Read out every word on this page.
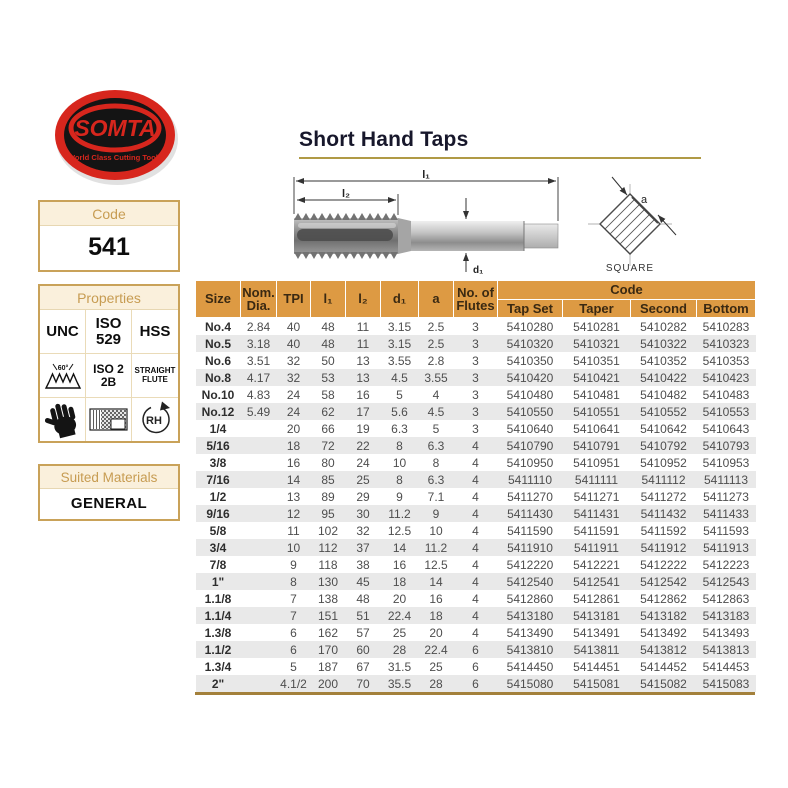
SOMTA
World Class Cutting Tools
Short Hand Taps
l₁
l₂
d₁
a
SQUARE
Code
541
Properties
UNC	ISO 529	HSS
60°	ISO 2 2B
STRAIGHT FLUTE
RH
Suited Materials
GENERAL
Size	Nom. Dia.	TPI	l₁	l₂	d₁	a	No. of Flutes	Code			
								Tap Set	Taper	Second	Bottom
No.4	2.84	40	48	11	3.15	2.5	3	5410280	5410281	5410282	5410283
No.5	3.18	40	48	11	3.15	2.5	3	5410320	5410321	5410322	5410323
No.6	3.51	32	50	13	3.55	2.8	3	5410350	5410351	5410352	5410353
No.8	4.17	32	53	13	4.5	3.55	3	5410420	5410421	5410422	5410423
No.10	4.83	24	58	16	5	4	3	5410480	5410481	5410482	5410483
No.12	5.49	24	62	17	5.6	4.5	3	5410550	5410551	5410552	5410553
1/4		20	66	19	6.3	5	3	5410640	5410641	5410642	5410643
5/16		18	72	22	8	6.3	4	5410790	5410791	5410792	5410793
3/8		16	80	24	10	8	4	5410950	5410951	5410952	5410953
7/16		14	85	25	8	6.3	4	5411110	5411111	5411112	5411113
1/2		13	89	29	9	7.1	4	5411270	5411271	5411272	5411273
9/16		12	95	30	11.2	9	4	5411430	5411431	5411432	5411433
5/8		11	102	32	12.5	10	4	5411590	5411591	5411592	5411593
3/4		10	112	37	14	11.2	4	5411910	5411911	5411912	5411913
7/8		9	118	38	16	12.5	4	5412220	5412221	5412222	5412223
1"		8	130	45	18	14	4	5412540	5412541	5412542	5412543
1.1/8		7	138	48	20	16	4	5412860	5412861	5412862	5412863
1.1/4		7	151	51	22.4	18	4	5413180	5413181	5413182	5413183
1.3/8		6	162	57	25	20	4	5413490	5413491	5413492	5413493
1.1/2		6	170	60	28	22.4	6	5413810	5413811	5413812	5413813
1.3/4		5	187	67	31.5	25	6	5414450	5414451	5414452	5414453
2"		4.1/2	200	70	35.5	28	6	5415080	5415081	5415082	5415083
